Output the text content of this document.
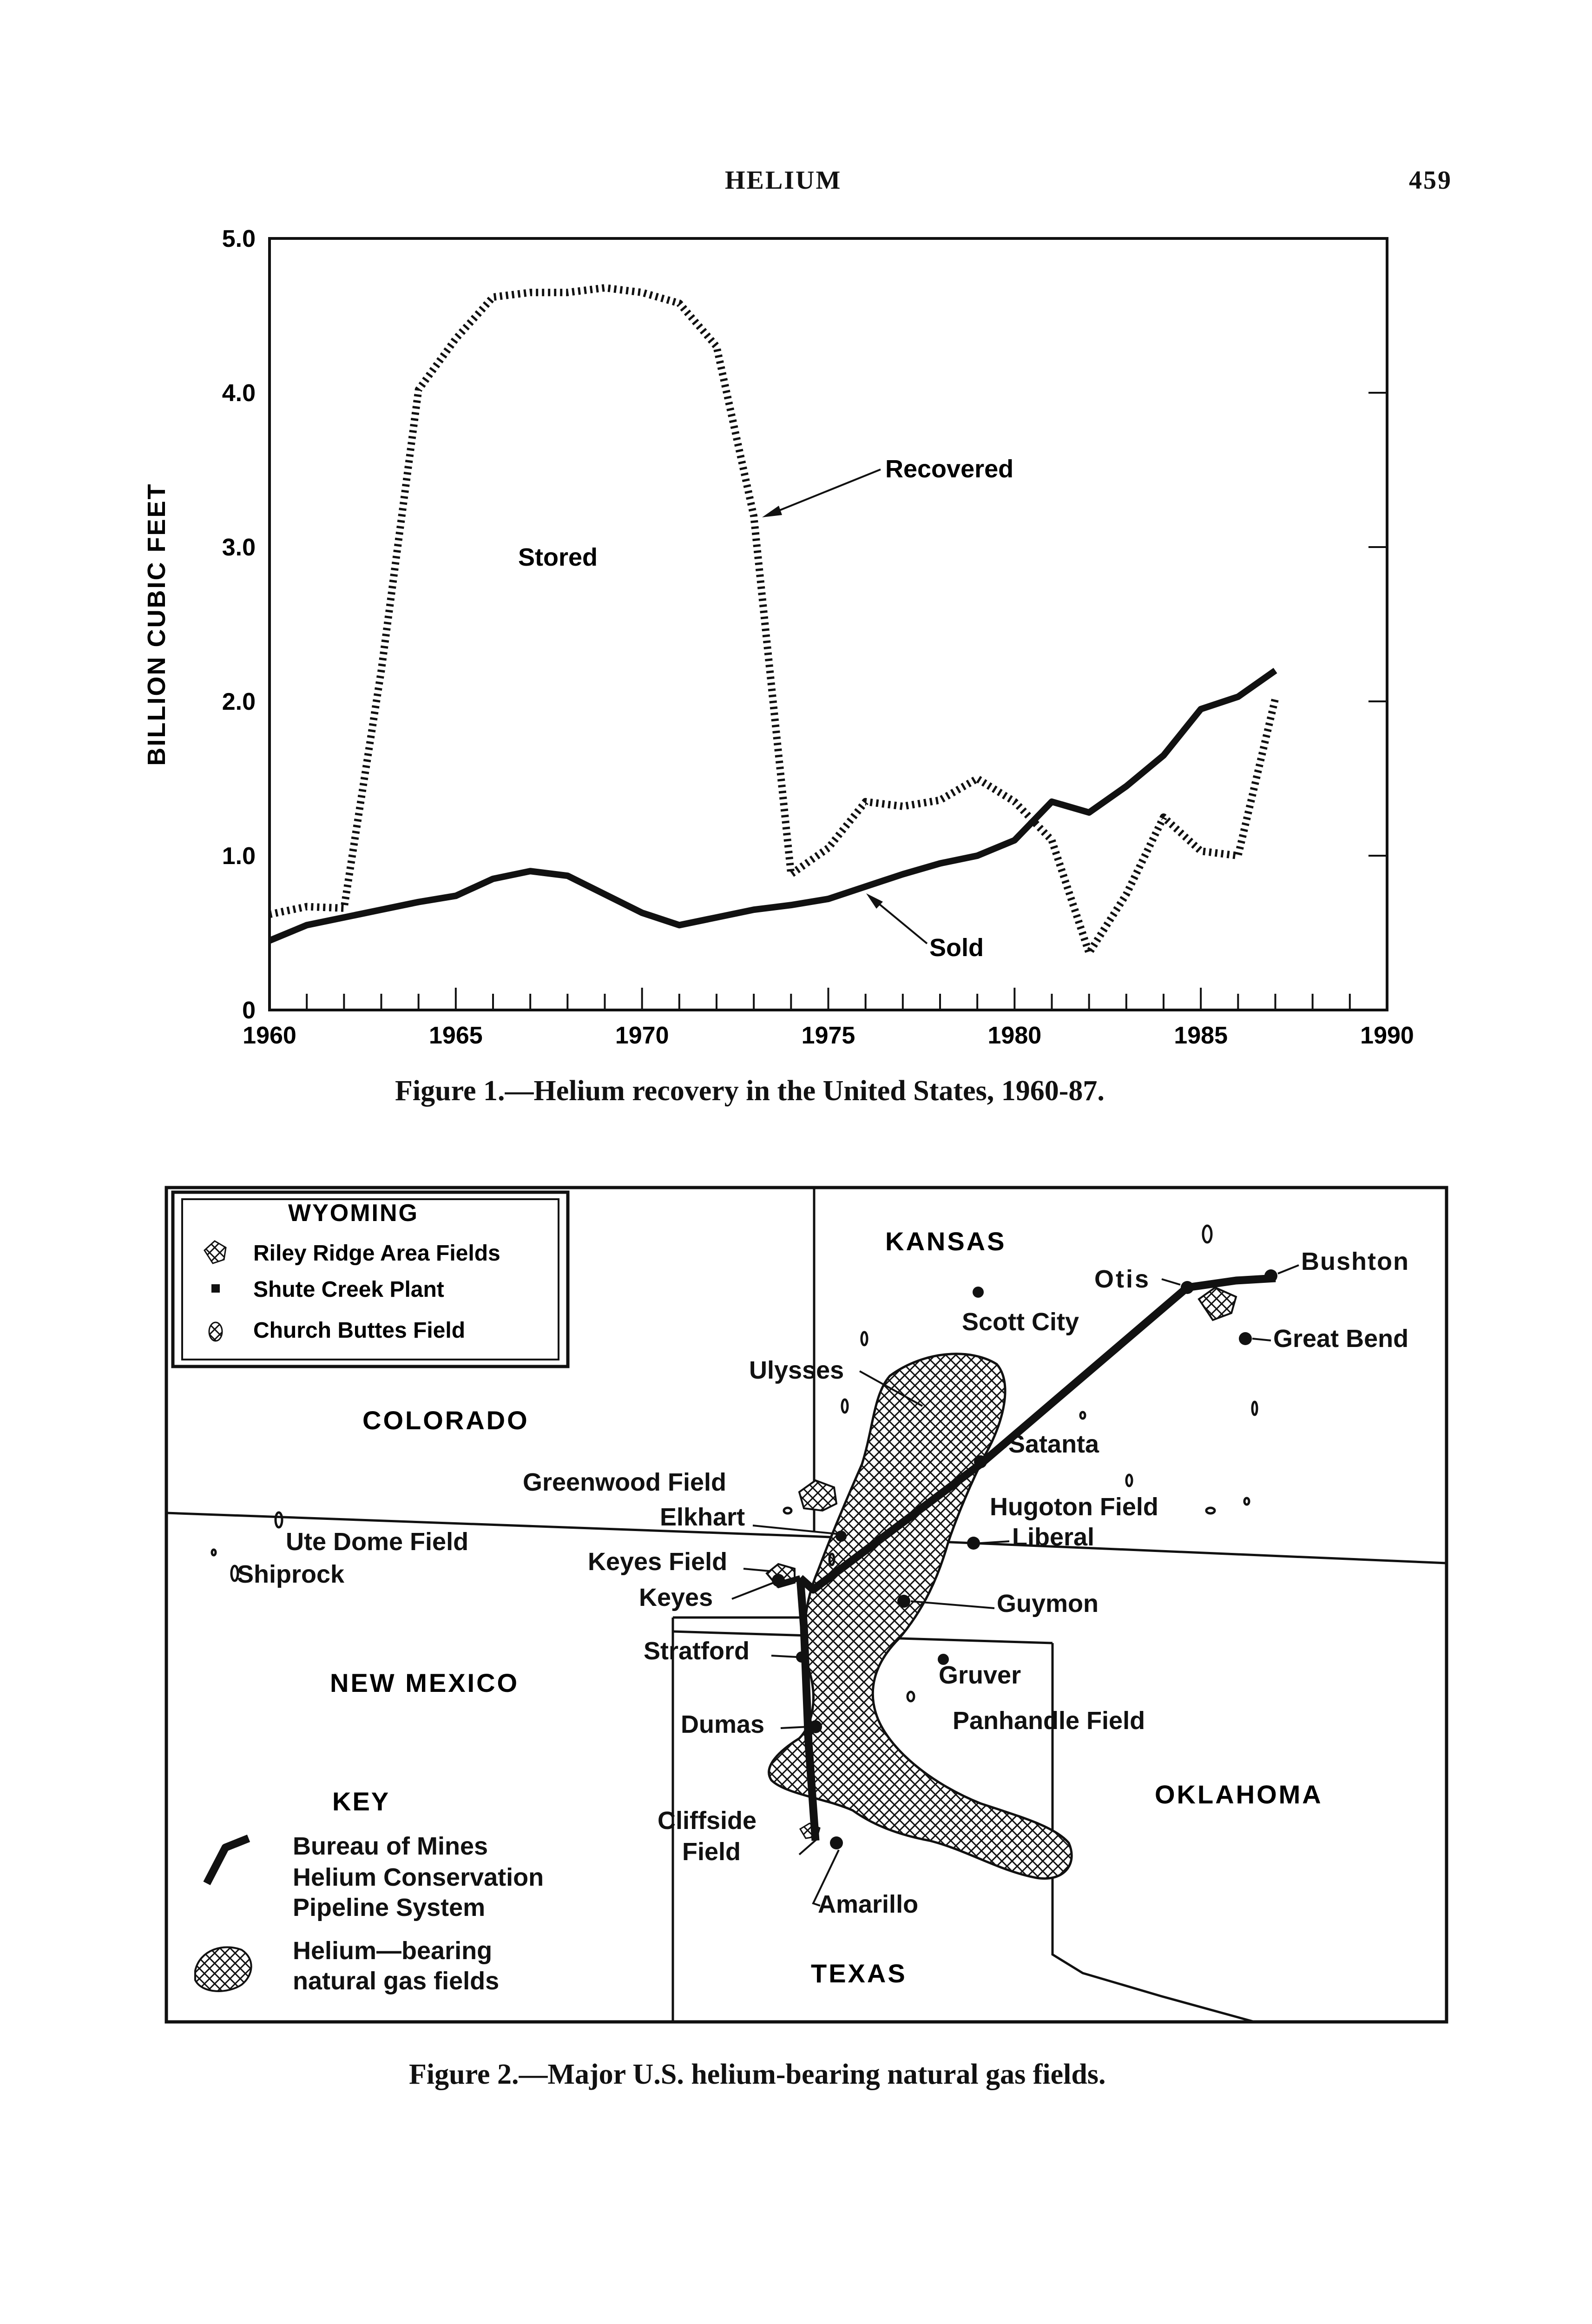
HELIUM	459
BILLION CUBIC FEET
0
1.0
2.0
3.0
4.0
5.0
1960	1965	1970	1975	1980	1985	1990
Recovered
Stored
Sold
Figure 1.—Helium recovery in the United States, 1960-87.
WYOMING
Riley Ridge Area Fields
Shute Creek Plant
Church Buttes Field
KANSAS
COLORADO
NEW MEXICO
OKLAHOMA
TEXAS
Otis
Bushton
Great Bend
Scott City
Ulysses
Satanta
Greenwood Field
Elkhart	Hugoton Field
Liberal
Ute Dome Field
Shiprock	Keyes Field
Keyes	Guymon
Stratford
Gruver
Dumas	Panhandle Field
Cliffside
Field
Amarillo
KEY
Bureau of Mines
Helium Conservation
Pipeline System
Helium—bearing
natural gas fields
Figure 2.—Major U.S. helium-bearing natural gas fields.
